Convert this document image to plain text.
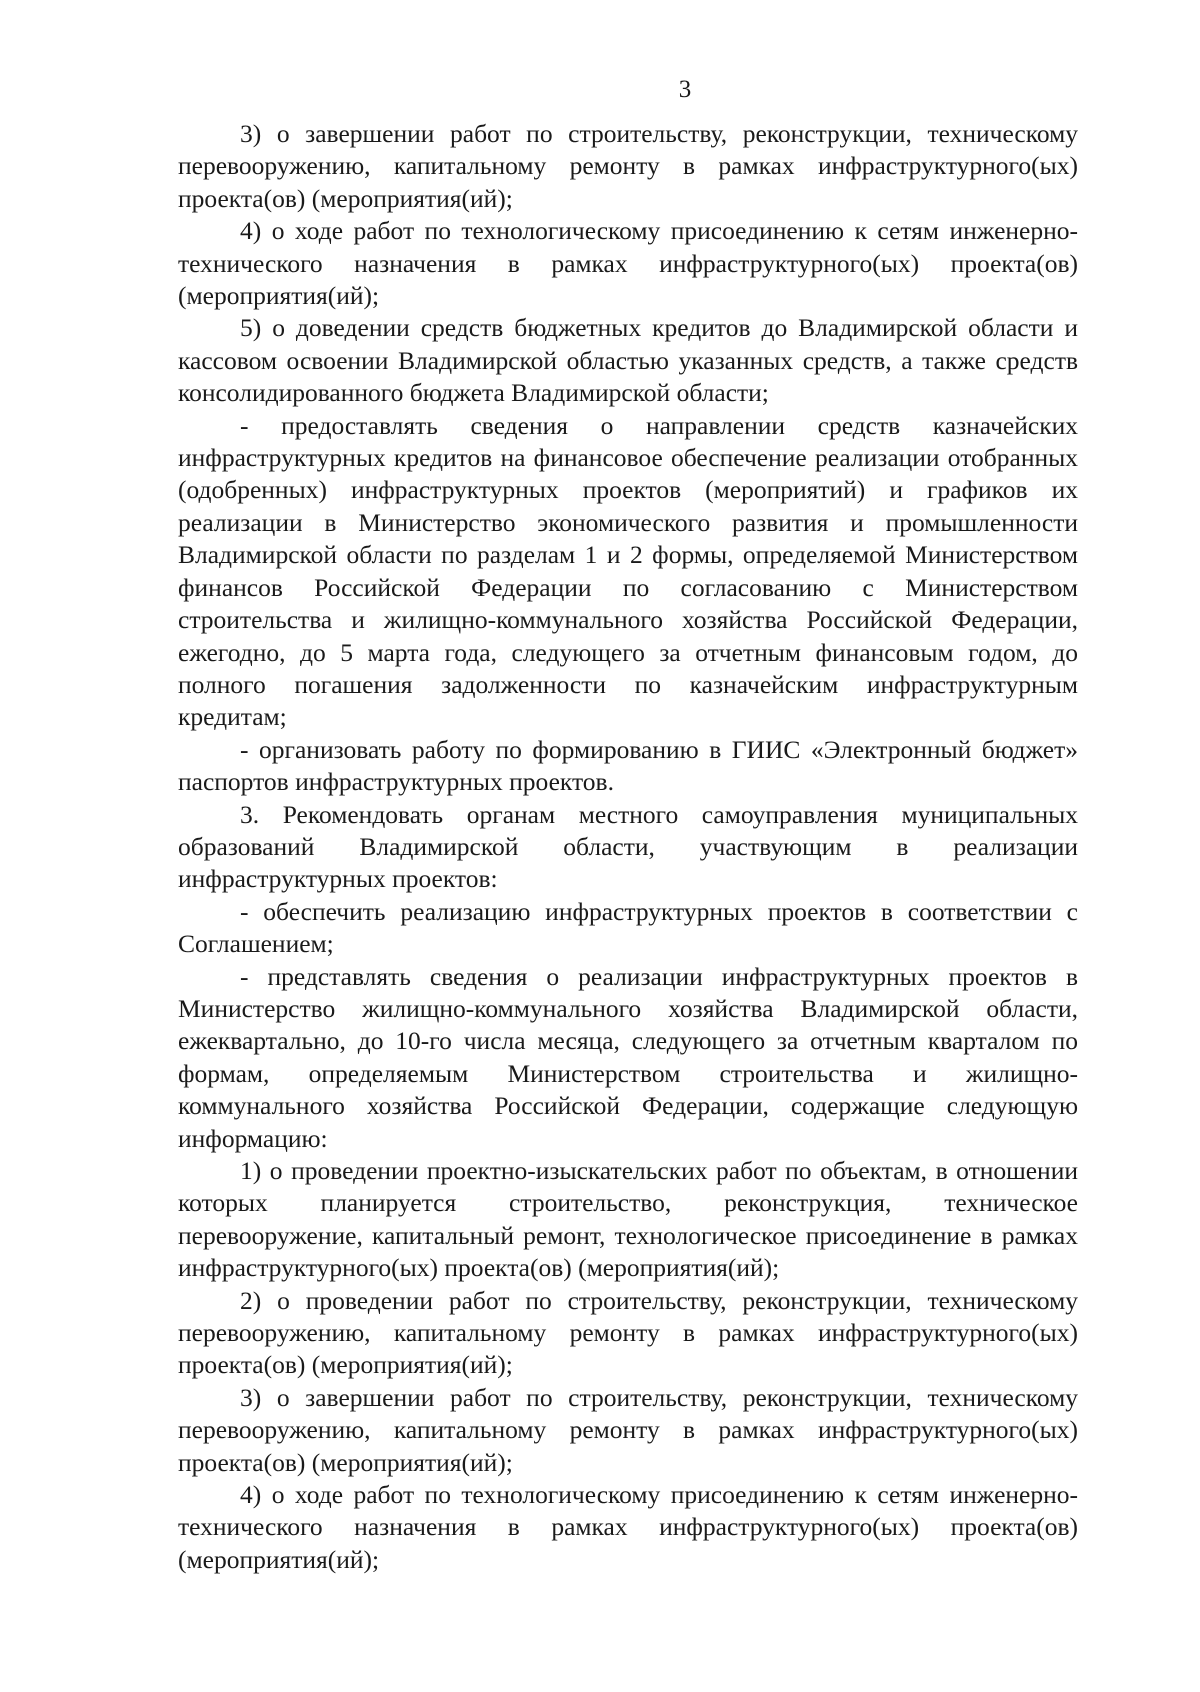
3

3) о завершении работ по строительству, реконструкции, техническому перевооружению, капитальному ремонту в рамках инфраструктурного(ых) проекта(ов) (мероприятия(ий);

4) о ходе работ по технологическому присоединению к сетям инженерно-технического назначения в рамках инфраструктурного(ых) проекта(ов) (мероприятия(ий);

5) о доведении средств бюджетных кредитов до Владимирской области и кассовом освоении Владимирской областью указанных средств, а также средств консолидированного бюджета Владимирской области;

- предоставлять сведения о направлении средств казначейских инфраструктурных кредитов на финансовое обеспечение реализации отобранных (одобренных) инфраструктурных проектов (мероприятий) и графиков их реализации в Министерство экономического развития и промышленности Владимирской области по разделам 1 и 2 формы, определяемой Министерством финансов Российской Федерации по согласованию с Министерством строительства и жилищно-коммунального хозяйства Российской Федерации, ежегодно, до 5 марта года, следующего за отчетным финансовым годом, до полного погашения задолженности по казначейским инфраструктурным кредитам;

- организовать работу по формированию в ГИИС «Электронный бюджет» паспортов инфраструктурных проектов.

3. Рекомендовать органам местного самоуправления муниципальных образований Владимирской области, участвующим в реализации инфраструктурных проектов:

- обеспечить реализацию инфраструктурных проектов в соответствии с Соглашением;

- представлять сведения о реализации инфраструктурных проектов в Министерство жилищно-коммунального хозяйства Владимирской области, ежеквартально, до 10-го числа месяца, следующего за отчетным кварталом по формам, определяемым Министерством строительства и жилищно-коммунального хозяйства Российской Федерации, содержащие следующую информацию:

1) о проведении проектно-изыскательских работ по объектам, в отношении которых планируется строительство, реконструкция, техническое перевооружение, капитальный ремонт, технологическое присоединение в рамках инфраструктурного(ых) проекта(ов) (мероприятия(ий);

2) о проведении работ по строительству, реконструкции, техническому перевооружению, капитальному ремонту в рамках инфраструктурного(ых) проекта(ов) (мероприятия(ий);

3) о завершении работ по строительству, реконструкции, техническому перевооружению, капитальному ремонту в рамках инфраструктурного(ых) проекта(ов) (мероприятия(ий);

4) о ходе работ по технологическому присоединению к сетям инженерно-технического назначения в рамках инфраструктурного(ых) проекта(ов) (мероприятия(ий);
